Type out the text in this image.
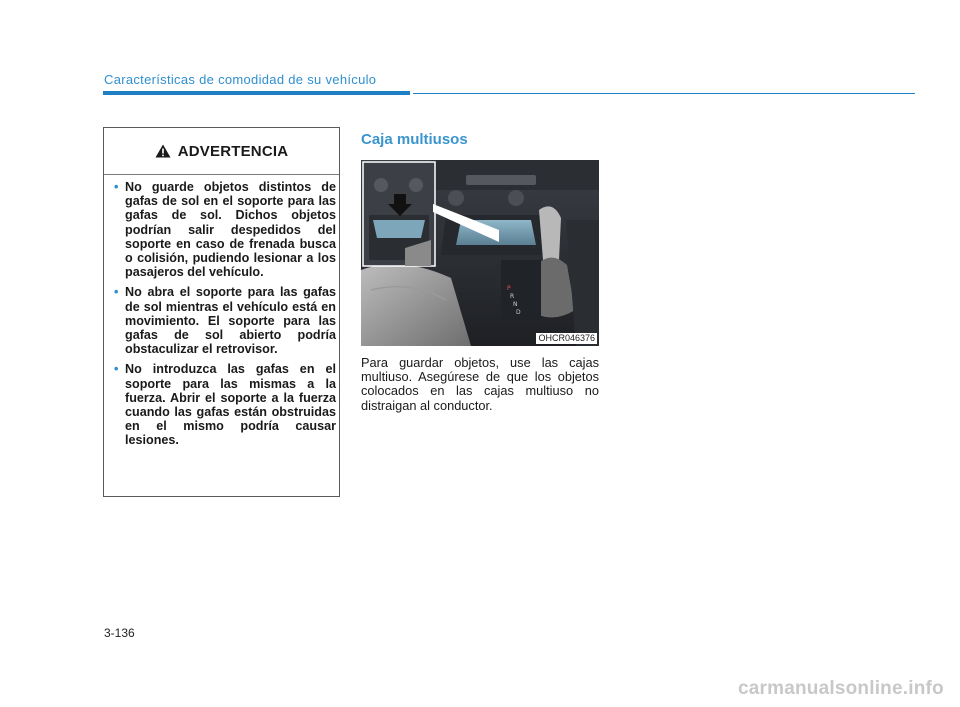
Características de comodidad de su vehículo
ADVERTENCIA
• No guarde objetos distintos de gafas de sol en el soporte para las gafas de sol. Dichos objetos podrían salir despedidos del soporte en caso de frenada busca o colisión, pudiendo lesionar a los pasajeros del vehículo.
• No abra el soporte para las gafas de sol mientras el vehículo está en movimiento. El soporte para las gafas de sol abierto podría obstaculizar el retrovisor.
• No introduzca las gafas en el soporte para las mismas a la fuerza. Abrir el soporte a la fuerza cuando las gafas están obstruidas en el mismo podría causar lesiones.
Caja multiusos
P
R
N
D
OHCR046376

Para guardar objetos, use las cajas multiuso. Asegúrese de que los objetos colocados en las cajas multiuso no distraigan al conductor.

3-136
carmanualsonline.info
